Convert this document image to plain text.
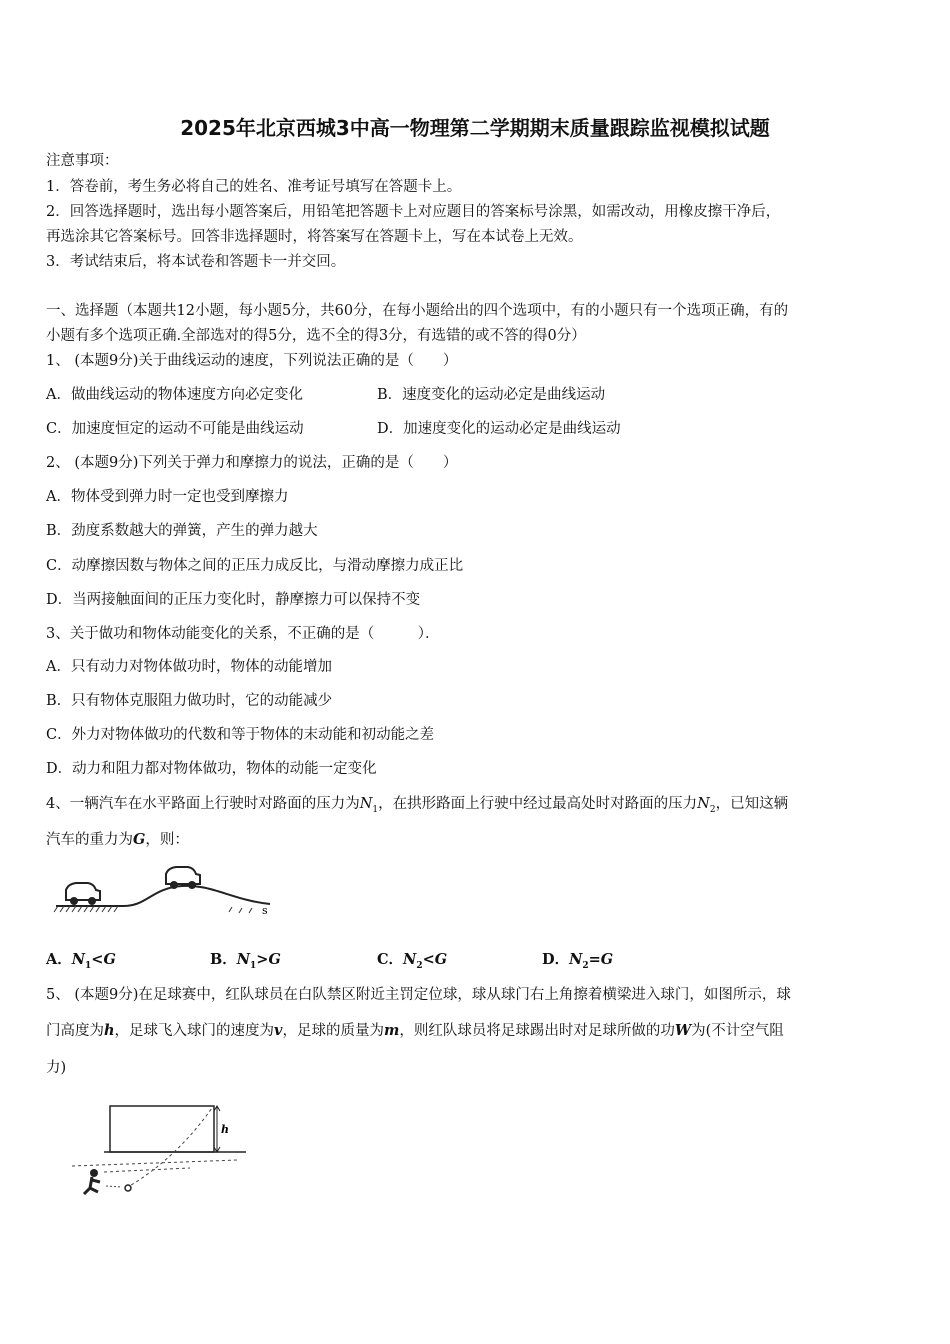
2025年北京西城3中高一物理第二学期期末质量跟踪监视模拟试题
注意事项：
1．答卷前，考生务必将自己的姓名、准考证号填写在答题卡上。
2．回答选择题时，选出每小题答案后，用铅笔把答题卡上对应题目的答案标号涂黑，如需改动，用橡皮擦干净后，
再选涂其它答案标号。回答非选择题时，将答案写在答题卡上，写在本试卷上无效。
3．考试结束后，将本试卷和答题卡一并交回。
一、选择题（本题共12小题，每小题5分，共60分，在每小题给出的四个选项中，有的小题只有一个选项正确，有的
小题有多个选项正确.全部选对的得5分，选不全的得3分，有选错的或不答的得0分）
1、 (本题9分)关于曲线运动的速度，下列说法正确的是（　　）
A．做曲线运动的物体速度方向必定变化	B．速度变化的运动必定是曲线运动
C．加速度恒定的运动不可能是曲线运动	D．加速度变化的运动必定是曲线运动
2、 (本题9分)下列关于弹力和摩擦力的说法，正确的是（　　）
A．物体受到弹力时一定也受到摩擦力
B．劲度系数越大的弹簧，产生的弹力越大
C．动摩擦因数与物体之间的正压力成反比，与滑动摩擦力成正比
D．当两接触面间的正压力变化时，静摩擦力可以保持不变
3、关于做功和物体动能变化的关系，不正确的是（　　　）．
A．只有动力对物体做功时，物体的动能增加
B．只有物体克服阻力做功时，它的动能减少
C．外力对物体做功的代数和等于物体的末动能和初动能之差
D．动力和阻力都对物体做功，物体的动能一定变化
4、一辆汽车在水平路面上行驶时对路面的压力为$N_1$，在拱形路面上行驶中经过最高处时对路面的压力$N_2$，已知这辆
汽车的重力为G，则：
s
A．$N_1<G$	B．$N_1>G$	C．$N_2<G$	D．$N_2=G$
5、 (本题9分)在足球赛中，红队球员在白队禁区附近主罚定位球，球从球门右上角擦着横梁进入球门，如图所示，球
门高度为h，足球飞入球门的速度为v，足球的质量为m，则红队球员将足球踢出时对足球所做的功W为(不计空气阻
力)
h
